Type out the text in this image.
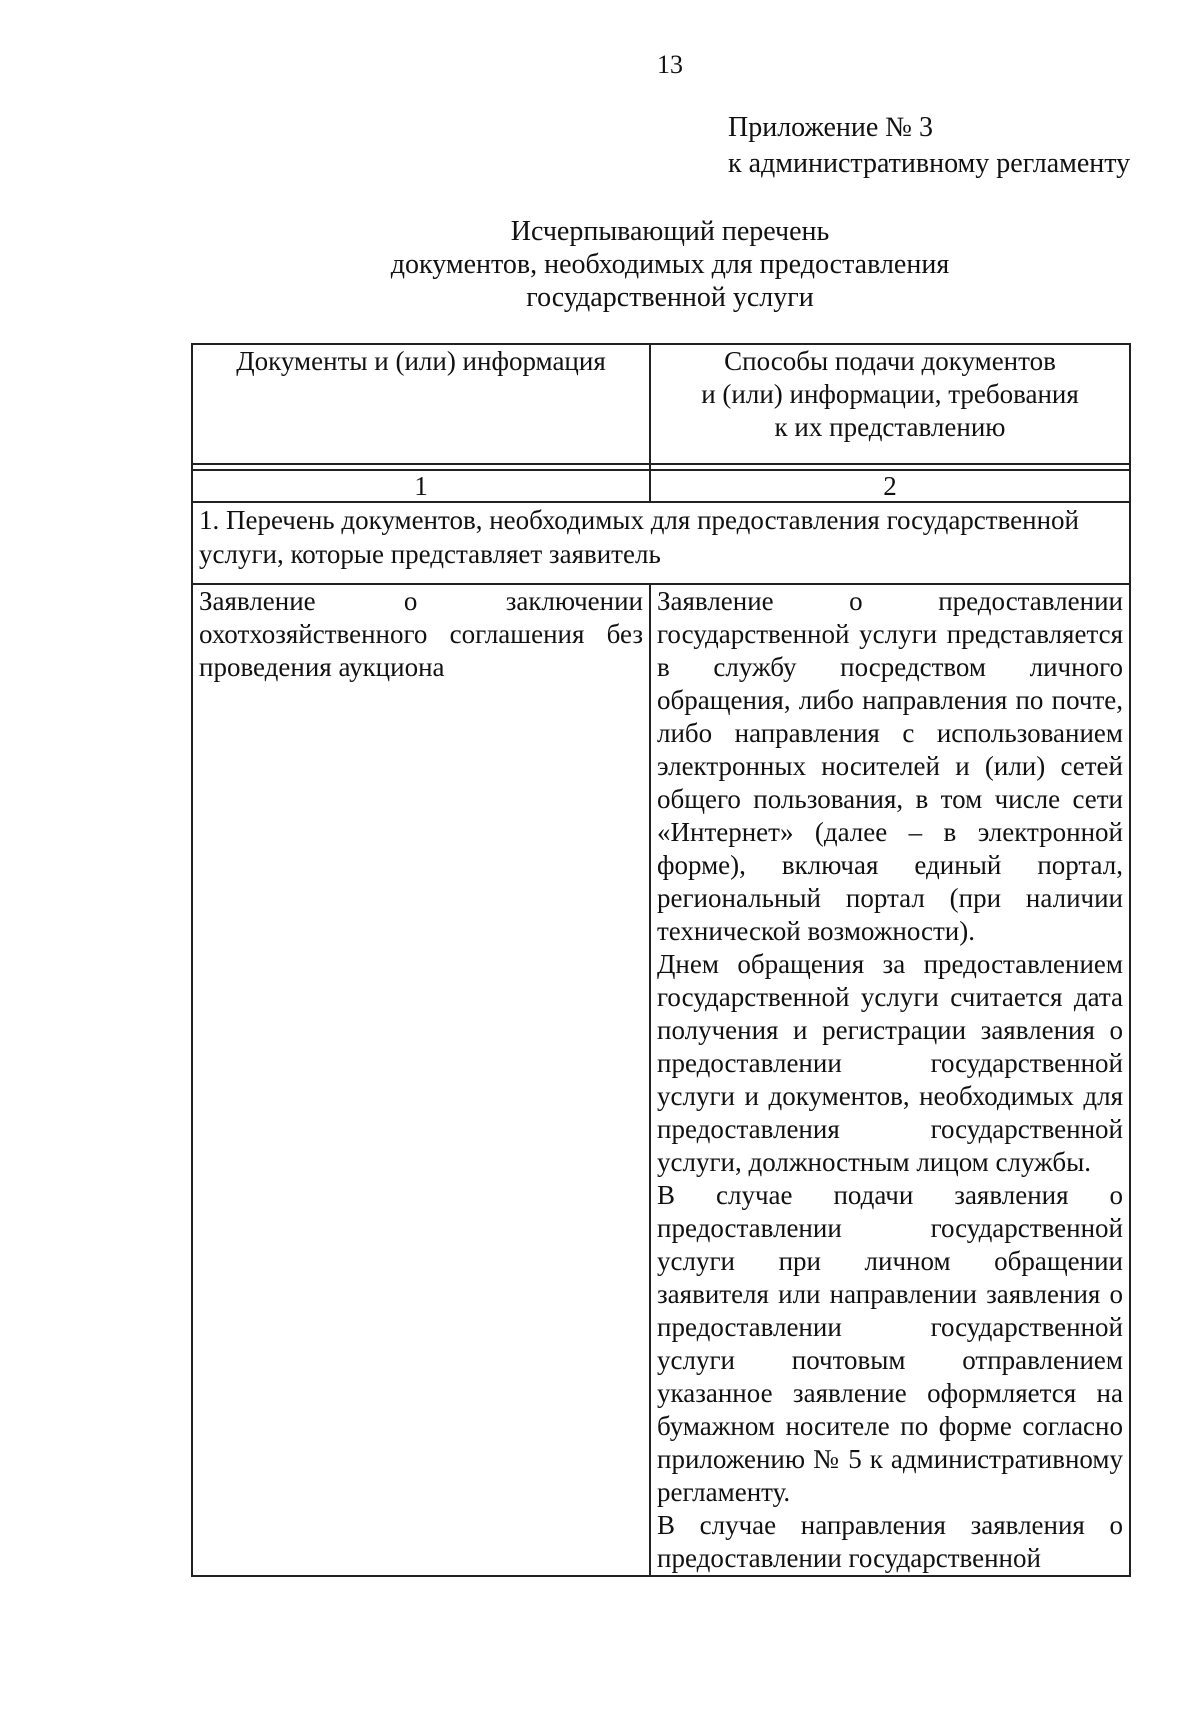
13
Приложение № 3
к административному регламенту
Исчерпывающий перечень
документов, необходимых для предоставления
государственной услуги
Документы и (или) информация	Способы подачи документов
и (или) информации, требования
к их представлению

1	2
1. Перечень документов, необходимых для предоставления государственной услуги, которые представляет заявитель	
Заявление о заключении охотхозяйственного соглашения без проведения аукциона	Заявление о предоставлении государственной услуги представляется в службу посредством личного обращения, либо направления по почте, либо направления с использованием электронных носителей и (или) сетей общего пользования, в том числе сети «Интернет» (далее – в электронной форме), включая единый портал, региональный портал (при наличии технической возможности).

Днем обращения за предоставлением государственной услуги считается дата получения и регистрации заявления о предоставлении государственной услуги и документов, необходимых для предоставления государственной услуги, должностным лицом службы.

В случае подачи заявления о предоставлении государственной услуги при личном обращении заявителя или направлении заявления о предоставлении государственной услуги почтовым отправлением указанное заявление оформляется на бумажном носителе по форме согласно приложению № 5 к административному регламенту.

В случае направления заявления о предоставлении государственной
